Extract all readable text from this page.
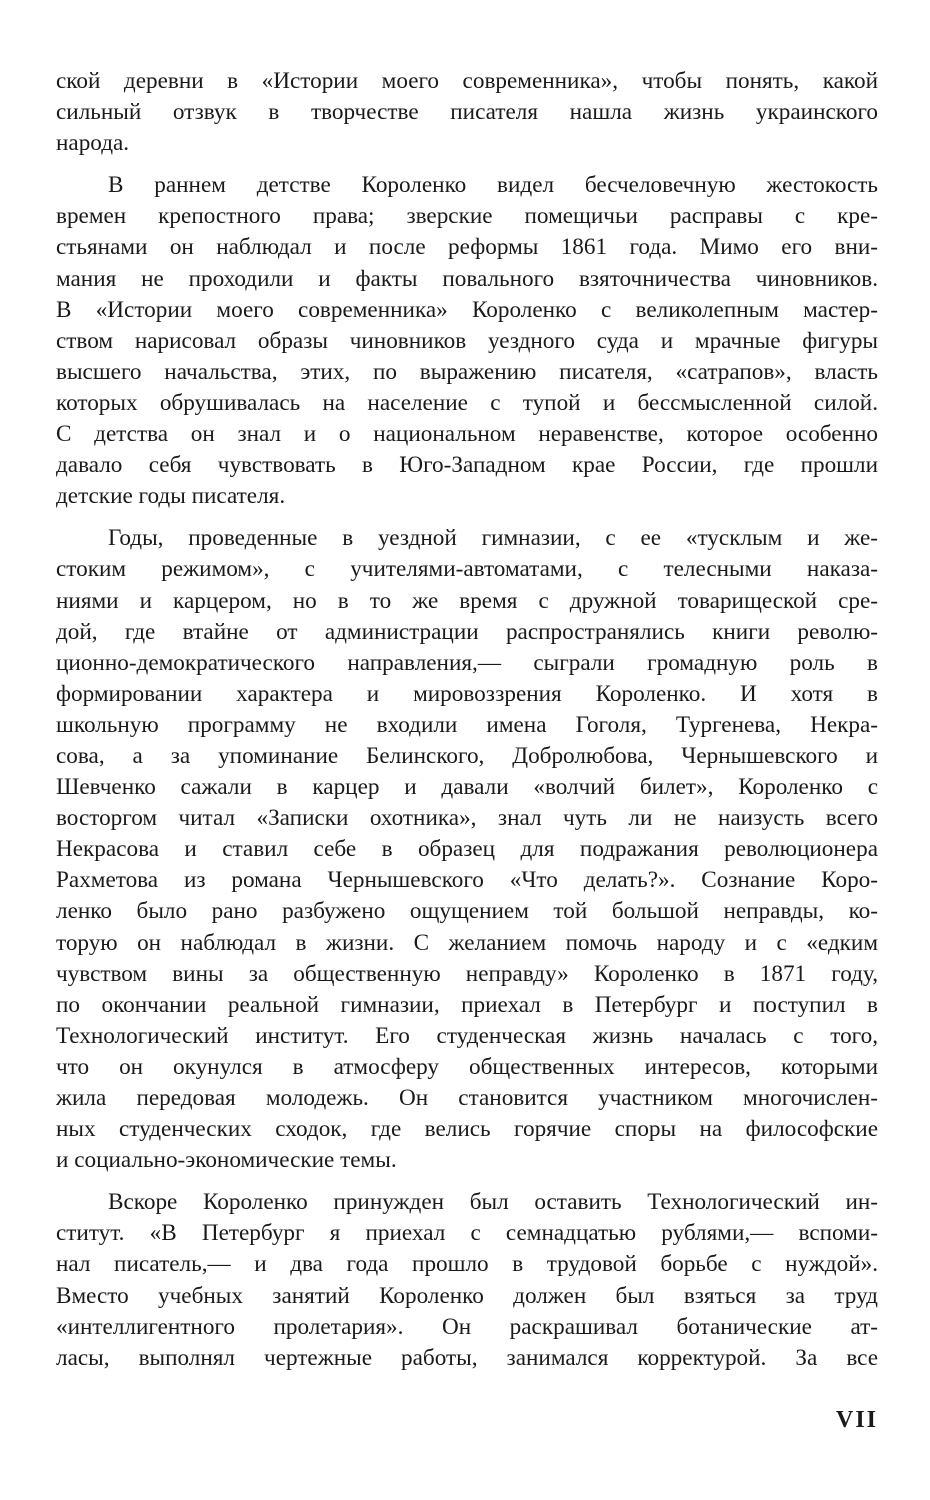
ской деревни в «Истории моего современника», чтобы понять, какой
сильный отзвук в творчестве писателя нашла жизнь украинского
народа.
В раннем детстве Короленко видел бесчеловечную жестокость
времен крепостного права; зверские помещичьи расправы с кре-
стьянами он наблюдал и после реформы 1861 года. Мимо его вни-
мания не проходили и факты повального взяточничества чиновников.
В «Истории моего современника» Короленко с великолепным мастер-
ством нарисовал образы чиновников уездного суда и мрачные фигуры
высшего начальства, этих, по выражению писателя, «сатрапов», власть
которых обрушивалась на население с тупой и бессмысленной силой.
С детства он знал и о национальном неравенстве, которое особенно
давало себя чувствовать в Юго-Западном крае России, где прошли
детские годы писателя.
Годы, проведенные в уездной гимназии, с ее «тусклым и же-
стоким режимом», с учителями-автоматами, с телесными наказа-
ниями и карцером, но в то же время с дружной товарищеской сре-
дой, где втайне от администрации распространялись книги револю-
ционно-демократического направления,— сыграли громадную роль в
формировании характера и мировоззрения Короленко. И хотя в
школьную программу не входили имена Гоголя, Тургенева, Некра-
сова, а за упоминание Белинского, Добролюбова, Чернышевского и
Шевченко сажали в карцер и давали «волчий билет», Короленко с
восторгом читал «Записки охотника», знал чуть ли не наизусть всего
Некрасова и ставил себе в образец для подражания революционера
Рахметова из романа Чернышевского «Что делать?». Сознание Коро-
ленко было рано разбужено ощущением той большой неправды, ко-
торую он наблюдал в жизни. С желанием помочь народу и с «едким
чувством вины за общественную неправду» Короленко в 1871 году,
по окончании реальной гимназии, приехал в Петербург и поступил в
Технологический институт. Его студенческая жизнь началась с того,
что он окунулся в атмосферу общественных интересов, которыми
жила передовая молодежь. Он становится участником многочислен-
ных студенческих сходок, где велись горячие споры на философские
и социально-экономические темы.
Вскоре Короленко принужден был оставить Технологический ин-
ститут. «В Петербург я приехал с семнадцатью рублями,— вспоми-
нал писатель,— и два года прошло в трудовой борьбе с нуждой».
Вместо учебных занятий Короленко должен был взяться за труд
«интеллигентного пролетария». Он раскрашивал ботанические ат-
ласы, выполнял чертежные работы, занимался корректурой. За все
VII
